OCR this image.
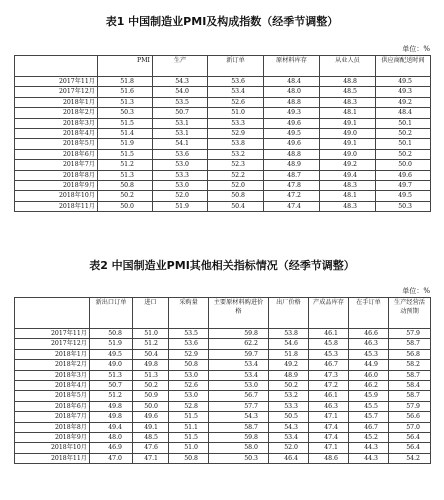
表1 中国制造业PMI及构成指数（经季节调整）
单位：%
	PMI	生产	新订单	原材料库存	从业人员	供应商配送时间
2017年11月	51.8	54.3	53.6	48.4	48.8	49.5
2017年12月	51.6	54.0	53.4	48.0	48.5	49.3
2018年1月	51.3	53.5	52.6	48.8	48.3	49.2
2018年2月	50.3	50.7	51.0	49.3	48.1	48.4
2018年3月	51.5	53.1	53.3	49.6	49.1	50.1
2018年4月	51.4	53.1	52.9	49.5	49.0	50.2
2018年5月	51.9	54.1	53.8	49.6	49.1	50.1
2018年6月	51.5	53.6	53.2	48.8	49.0	50.2
2018年7月	51.2	53.0	52.3	48.9	49.2	50.0
2018年8月	51.3	53.3	52.2	48.7	49.4	49.6
2018年9月	50.8	53.0	52.0	47.8	48.3	49.7
2018年10月	50.2	52.0	50.8	47.2	48.1	49.5
2018年11月	50.0	51.9	50.4	47.4	48.3	50.3
表2 中国制造业PMI其他相关指标情况（经季节调整）
单位：%
	新出口订单	进口	采购量	主要原材料购进价格	出厂价格	产成品库存	在手订单	生产经营活动预期
2017年11月	50.8	51.0	53.5	59.8	53.8	46.1	46.6	57.9
2017年12月	51.9	51.2	53.6	62.2	54.6	45.8	46.3	58.7
2018年1月	49.5	50.4	52.9	59.7	51.8	45.3	45.3	56.8
2018年2月	49.0	49.8	50.8	53.4	49.2	46.7	44.9	58.2
2018年3月	51.3	51.3	53.0	53.4	48.9	47.3	46.0	58.7
2018年4月	50.7	50.2	52.6	53.0	50.2	47.2	46.2	58.4
2018年5月	51.2	50.9	53.0	56.7	53.2	46.1	45.9	58.7
2018年6月	49.8	50.0	52.8	57.7	53.3	46.3	45.5	57.9
2018年7月	49.8	49.6	51.5	54.3	50.5	47.1	45.7	56.6
2018年8月	49.4	49.1	51.1	58.7	54.3	47.4	46.7	57.0
2018年9月	48.0	48.5	51.5	59.8	53.4	47.4	45.2	56.4
2018年10月	46.9	47.6	51.0	58.0	52.0	47.1	44.3	56.4
2018年11月	47.0	47.1	50.8	50.3	46.4	48.6	44.3	54.2
